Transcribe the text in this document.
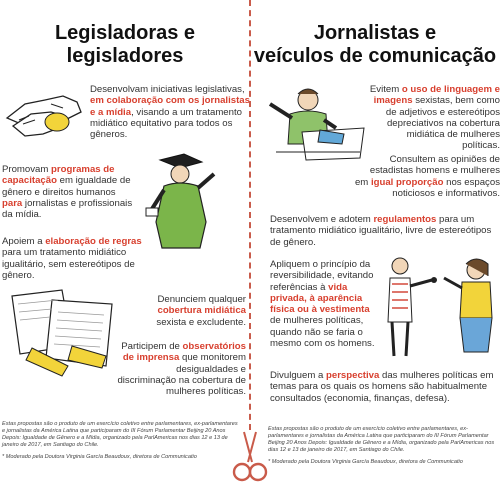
Legisladoras e
legisladores
Desenvolvam iniciativas legislativas, em colaboração com os jornalistas e a mídia, visando a um tratamento midiático equitativo para todos os gêneros.
Promovam programas de capacitação em igualdade de gênero e direitos humanos para jornalistas e profissionais da mídia.
Apoiem a elaboração de regras para um tratamento midiático igualitário, sem estereótipos de gênero.
Denunciem qualquer cobertura midiática sexista e excludente.
Participem de observatórios de imprensa que monitorem desigualdades e discriminação na cobertura de mulheres políticas.
Estas propostas são o produto de um exercício coletivo entre parlamentares, ex-parlamentares e jornalistas da América Latina que participaram do III Fórum Parlamentar Beijing 20 Anos Depois: Igualdade de Gênero e a Mídia, organizado pela ParlAmericas nos dias 12 e 13 de janeiro de 2017, em Santiago do Chile.
* Moderado pela Doutora Virginia García Beaudoux, diretora de Communicatio
Jornalistas e
veículos de comunicação
Evitem o uso de linguagem e imagens sexistas, bem como de adjetivos e estereótipos depreciativos na cobertura midiática de mulheres políticas.
Consultem as opiniões de estadistas homens e mulheres em igual proporção nos espaços noticiosos e informativos.
Desenvolvem e adotem regulamentos para um tratamento midiático igualitário, livre de estereótipos de gênero.
Apliquem o princípio da reversibilidade, evitando referências à vida privada, à aparência física ou à vestimenta de mulheres políticas, quando não se faria o mesmo com os homens.
Divulguem a perspectiva das mulheres políticas em temas para os quais os homens são habitualmente consultados (economia, finanças, defesa).
Estas propostas são o produto de um exercício coletivo entre parlamentares, ex-parlamentares e jornalistas da América Latina que participaram do III Fórum Parlamentar Beijing 20 Anos Depois: Igualdade de Gênero e a Mídia, organizado pela ParlAmericas nos dias 12 e 13 de janeiro de 2017, em Santiago do Chile.
* Moderado pela Doutora Virginia García Beaudoux, diretora de Communicatio
